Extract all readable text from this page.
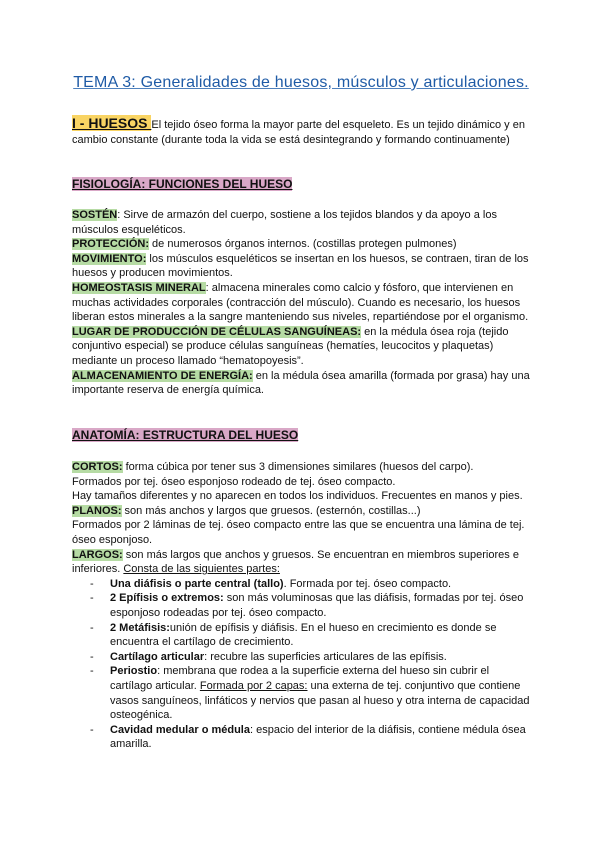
TEMA 3: Generalidades de huesos, músculos y articulaciones.
I - HUESOS El tejido óseo forma la mayor parte del esqueleto. Es un tejido dinámico y en cambio constante (durante toda la vida se está desintegrando y formando continuamente)
FISIOLOGÍA: FUNCIONES DEL HUESO
SOSTÉN: Sirve de armazón del cuerpo, sostiene a los tejidos blandos y da apoyo a los músculos esqueléticos.
PROTECCIÓN: de numerosos órganos internos. (costillas protegen pulmones)
MOVIMIENTO: los músculos esqueléticos se insertan en los huesos, se contraen, tiran de los huesos y producen movimientos.
HOMEOSTASIS MINERAL: almacena minerales como calcio y fósforo, que intervienen en muchas actividades corporales (contracción del músculo). Cuando es necesario, los huesos liberan estos minerales a la sangre manteniendo sus niveles, repartiéndose por el organismo.
LUGAR DE PRODUCCIÓN DE CÉLULAS SANGUÍNEAS: en la médula ósea roja (tejido conjuntivo especial) se produce células sanguíneas (hematíes, leucocitos y plaquetas) mediante un proceso llamado “hematopoyesis”.
ALMACENAMIENTO DE ENERGÍA: en la médula ósea amarilla (formada por grasa) hay una importante reserva de energía química.
ANATOMÍA: ESTRUCTURA DEL HUESO
CORTOS: forma cúbica por tener sus 3 dimensiones similares (huesos del carpo).
Formados por tej. óseo esponjoso rodeado de tej. óseo compacto.
Hay tamaños diferentes y no aparecen en todos los individuos. Frecuentes en manos y pies.
PLANOS: son más anchos y largos que gruesos. (esternón, costillas...)
Formados por 2 láminas de tej. óseo compacto entre las que se encuentra una lámina de tej. óseo esponjoso.
LARGOS: son más largos que anchos y gruesos. Se encuentran en miembros superiores e inferiores. Consta de las siguientes partes:
- Una diáfisis o parte central (tallo). Formada por tej. óseo compacto.
- 2 Epífisis o extremos: son más voluminosas que las diáfisis, formadas por tej. óseo esponjoso rodeadas por tej. óseo compacto.
- 2 Metáfisis:unión de epífisis y diáfisis. En el hueso en crecimiento es donde se encuentra el cartílago de crecimiento.
- Cartílago articular: recubre las superficies articulares de las epífisis.
- Periostio: membrana que rodea a la superficie externa del hueso sin cubrir el cartílago articular. Formada por 2 capas: una externa de tej. conjuntivo que contiene vasos sanguíneos, linfáticos y nervios que pasan al hueso y otra interna de capacidad osteogénica.
- Cavidad medular o médula: espacio del interior de la diáfisis, contiene médula ósea amarilla.
